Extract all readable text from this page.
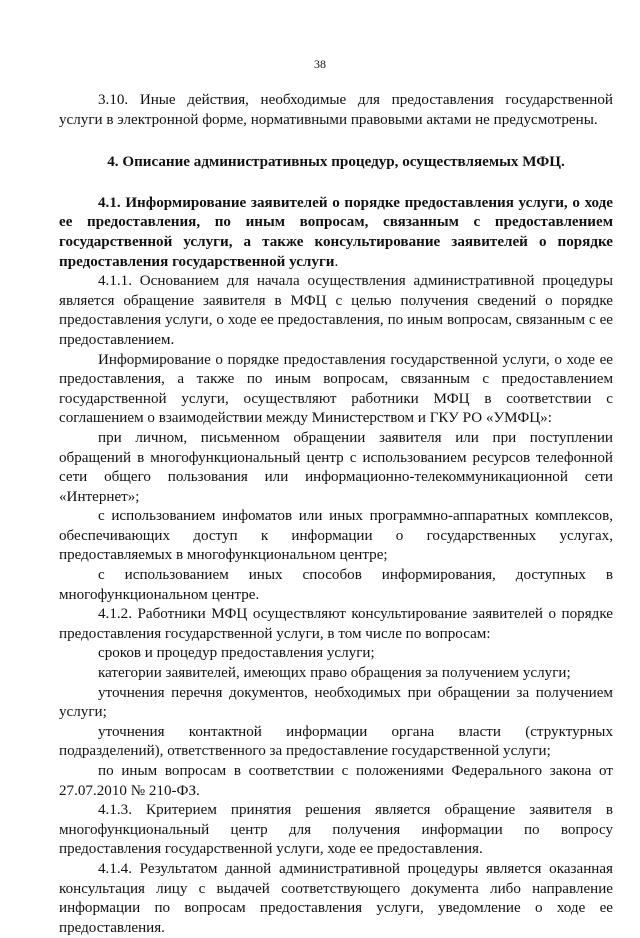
38

3.10. Иные действия, необходимые для предоставления государственной услуги в электронной форме, нормативными правовыми актами не предусмотрены.

4. Описание административных процедур, осуществляемых МФЦ.

4.1. Информирование заявителей о порядке предоставления услуги, о ходе ее предоставления, по иным вопросам, связанным с предоставлением государственной услуги, а также консультирование заявителей о порядке предоставления государственной услуги.

4.1.1. Основанием для начала осуществления административной процедуры является обращение заявителя в МФЦ с целью получения сведений о порядке предоставления услуги, о ходе ее предоставления, по иным вопросам, связанным с ее предоставлением.

Информирование о порядке предоставления государственной услуги, о ходе ее предоставления, а также по иным вопросам, связанным с предоставлением государственной услуги, осуществляют работники МФЦ в соответствии с соглашением о взаимодействии между Министерством и ГКУ РО «УМФЦ»:

при личном, письменном обращении заявителя или при поступлении обращений в многофункциональный центр с использованием ресурсов телефонной сети общего пользования или информационно-телекоммуникационной сети «Интернет»;

с использованием инфоматов или иных программно-аппаратных комплексов, обеспечивающих доступ к информации о государственных услугах, предоставляемых в многофункциональном центре;

с использованием иных способов информирования, доступных в многофункциональном центре.

4.1.2. Работники МФЦ осуществляют консультирование заявителей о порядке предоставления государственной услуги, в том числе по вопросам:

сроков и процедур предоставления услуги;

категории заявителей, имеющих право обращения за получением услуги;

уточнения перечня документов, необходимых при обращении за получением услуги;

уточнения контактной информации органа власти (структурных подразделений), ответственного за предоставление государственной услуги;

по иным вопросам в соответствии с положениями Федерального закона от 27.07.2010 № 210-ФЗ.

4.1.3. Критерием принятия решения является обращение заявителя в многофункциональный центр для получения информации по вопросу предоставления государственной услуги, ходе ее предоставления.

4.1.4. Результатом данной административной процедуры является оказанная консультация лицу с выдачей соответствующего документа либо направление информации по вопросам предоставления услуги, уведомление о ходе ее предоставления.
